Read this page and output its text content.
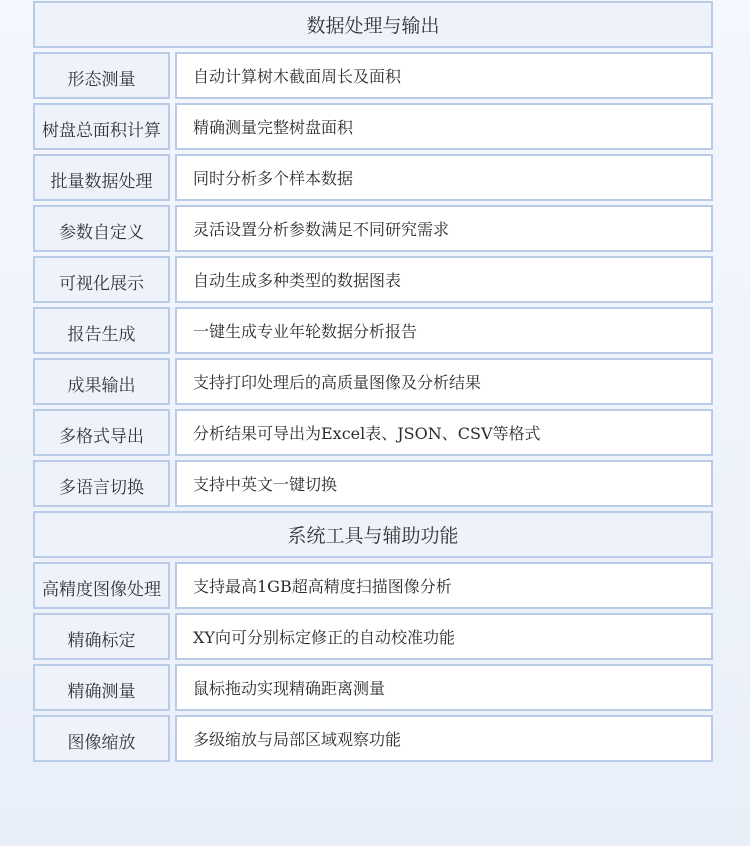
数据处理与输出
形态测量	自动计算树木截面周长及面积
树盘总面积计算	精确测量完整树盘面积
批量数据处理	同时分析多个样本数据
参数自定义	灵活设置分析参数满足不同研究需求
可视化展示	自动生成多种类型的数据图表
报告生成	一键生成专业年轮数据分析报告
成果输出	支持打印处理后的高质量图像及分析结果
多格式导出	分析结果可导出为Excel表、JSON、CSV等格式
多语言切换	支持中英文一键切换
系统工具与辅助功能
高精度图像处理	支持最高1GB超高精度扫描图像分析
精确标定	XY向可分别标定修正的自动校准功能
精确测量	鼠标拖动实现精确距离测量
图像缩放	多级缩放与局部区域观察功能
